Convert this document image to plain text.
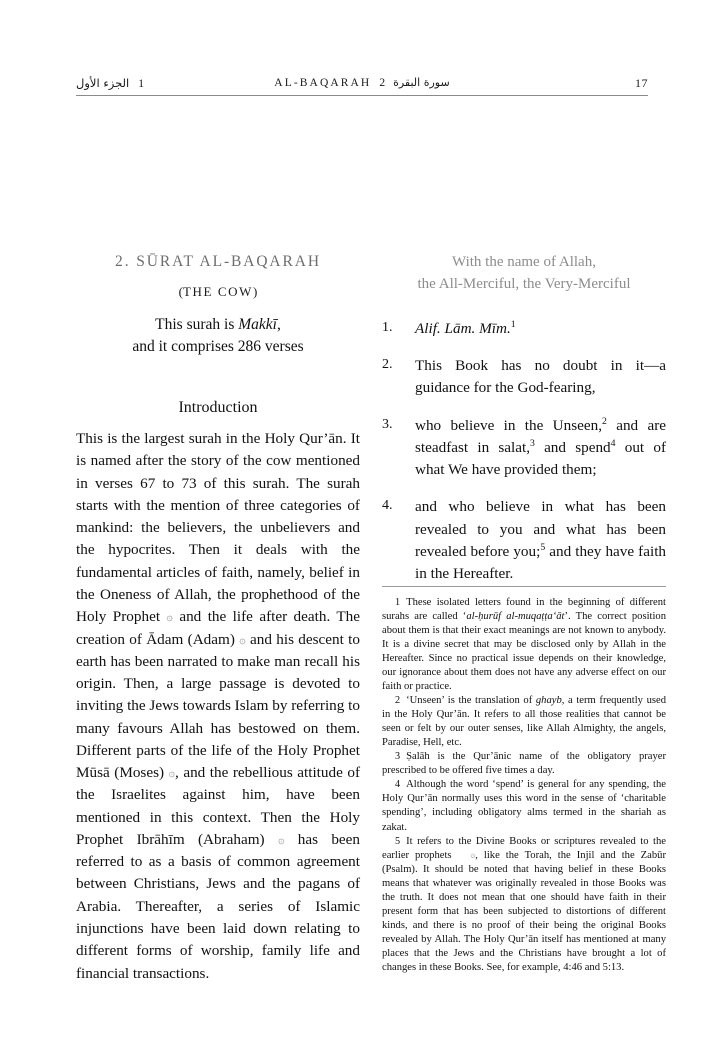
الجزء الأول 1	AL-BAQARAH 2 سورة البقرة	17
2. SŪRAT AL-BAQARAH
(THE COW)
This surah is Makkī,
and it comprises 286 verses
Introduction

This is the largest surah in the Holy Qur’ān. It is named after the story of the cow mentioned in verses 67 to 73 of this surah. The surah starts with the mention of three categories of mankind: the believers, the unbelievers and the hypocrites. Then it deals with the fundamental articles of faith, namely, belief in the Oneness of Allah, the prophethood of the Holy Prophet ۞ and the life after death. The creation of Ādam (Adam) ۞ and his descent to earth has been narrated to make man recall his origin. Then, a large passage is devoted to inviting the Jews towards Islam by referring to many favours Allah has bestowed on them. Different parts of the life of the Holy Prophet Mūsā (Moses) ۞, and the rebellious attitude of the Israelites against him, have been mentioned in this context. Then the Holy Prophet Ibrāhīm (Abraham) ۞ has been referred to as a basis of common agreement between Christians, Jews and the pagans of Arabia. Thereafter, a series of Islamic injunctions have been laid down relating to different forms of worship, family life and financial transactions.

With the name of Allah,
the All-Merciful, the Very-Merciful

1.	Alif. Lām. Mīm.$^1$

2.	This Book has no doubt in it—a guidance for the God-fearing,

3.	who believe in the Unseen,$^2$ and are steadfast in salat,$^3$ and spend$^4$ out of what We have provided them;

4.	and who believe in what has been revealed to you and what has been revealed before you;$^5$ and they have faith in the Hereafter.

1 These isolated letters found in the beginning of different surahs are called ‘al-ḥurūf al-muqaṭṭa‘āt’. The correct position about them is that their exact meanings are not known to anybody. It is a divine secret that may be disclosed only by Allah in the Hereafter. Since no practical issue depends on their knowledge, our ignorance about them does not have any adverse effect on our faith or practice.

2 ‘Unseen’ is the translation of ghayb, a term frequently used in the Holy Qur’ān. It refers to all those realities that cannot be seen or felt by our outer senses, like Allah Almighty, the angels, Paradise, Hell, etc.

3 Ṣalāh is the Qur’ānic name of the obligatory prayer prescribed to be offered five times a day.

4 Although the word ‘spend’ is general for any spending, the Holy Qur’ān normally uses this word in the sense of ‘charitable spending’, including obligatory alms termed in the shariah as zakat.

5 It refers to the Divine Books or scriptures revealed to the earlier prophets ۞, like the Torah, the Injil and the Zabūr (Psalm). It should be noted that having belief in these Books means that whatever was originally revealed in those Books was the truth. It does not mean that one should have faith in their present form that has been subjected to distortions of different kinds, and there is no proof of their being the original Books revealed by Allah. The Holy Qur’ān itself has mentioned at many places that the Jews and the Christians have brought a lot of changes in these Books. See, for example, 4:46 and 5:13.
